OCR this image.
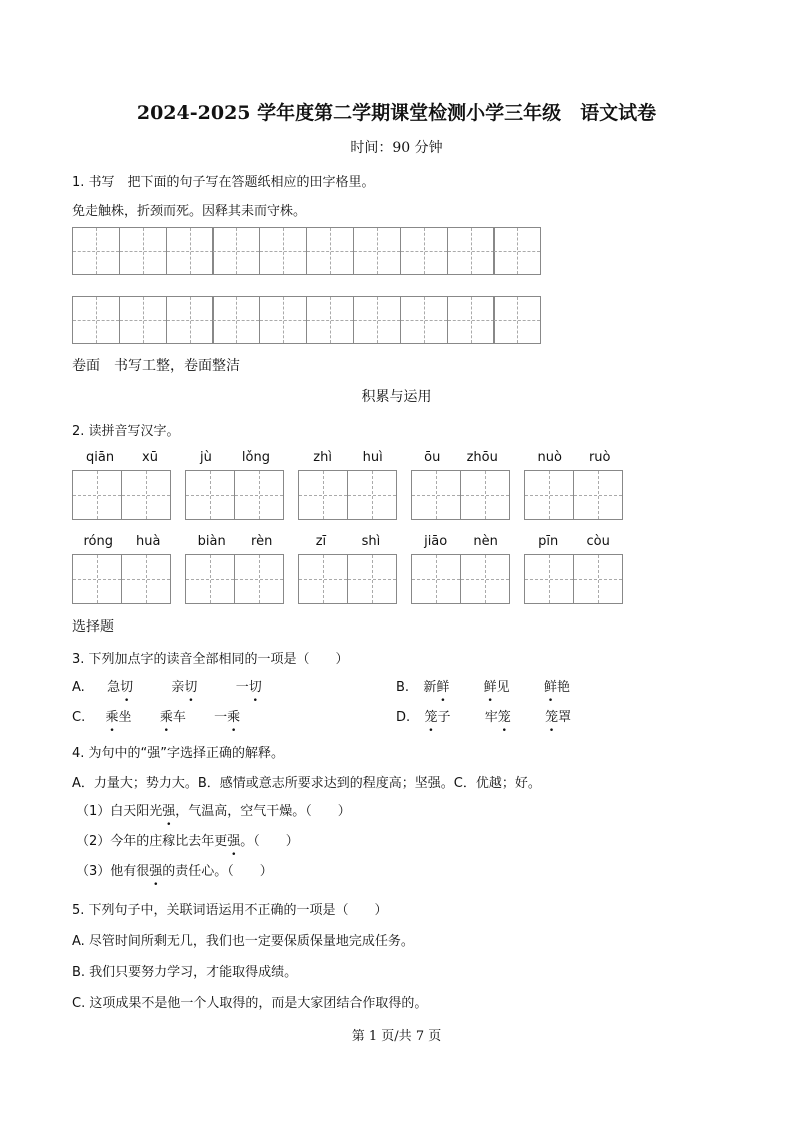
2024-2025 学年度第二学期课堂检测小学三年级　语文试卷
时间：90 分钟
1. 书写　把下面的句子写在答题纸相应的田字格里。
免走触株，折颈而死。因释其耒而守株。
卷面　书写工整，卷面整洁
积累与运用
2. 读拼音写汉字。
qiān xū	jù lǒng	zhì huì	ōu zhōu	nuò ruò
róng huà	biàn rèn	zī	shì	jiāo nèn	pīn còu
选择题
3. 下列加点字的读音全部相同的一项是（　　）
A. 急切	亲切	一切	B. 新鲜	鲜见	鲜艳
C. 乘坐 乘车 一乘	D. 笼子	牢笼	笼罩
4. 为句中的“强”字选择正确的解释。
A．力量大；势力大。B．感情或意志所要求达到的程度高；坚强。C．优越；好。
（1）白天阳光强，气温高，空气干燥。（　　）
（2）今年的庄稼比去年更强。（　　）
（3）他有很强的责任心。（　　）
5. 下列句子中，关联词语运用不正确的一项是（　　）
A. 尽管时间所剩无几，我们也一定要保质保量地完成任务。
B. 我们只要努力学习，才能取得成绩。
C. 这项成果不是他一个人取得的，而是大家团结合作取得的。
第 1 页/共 7 页
